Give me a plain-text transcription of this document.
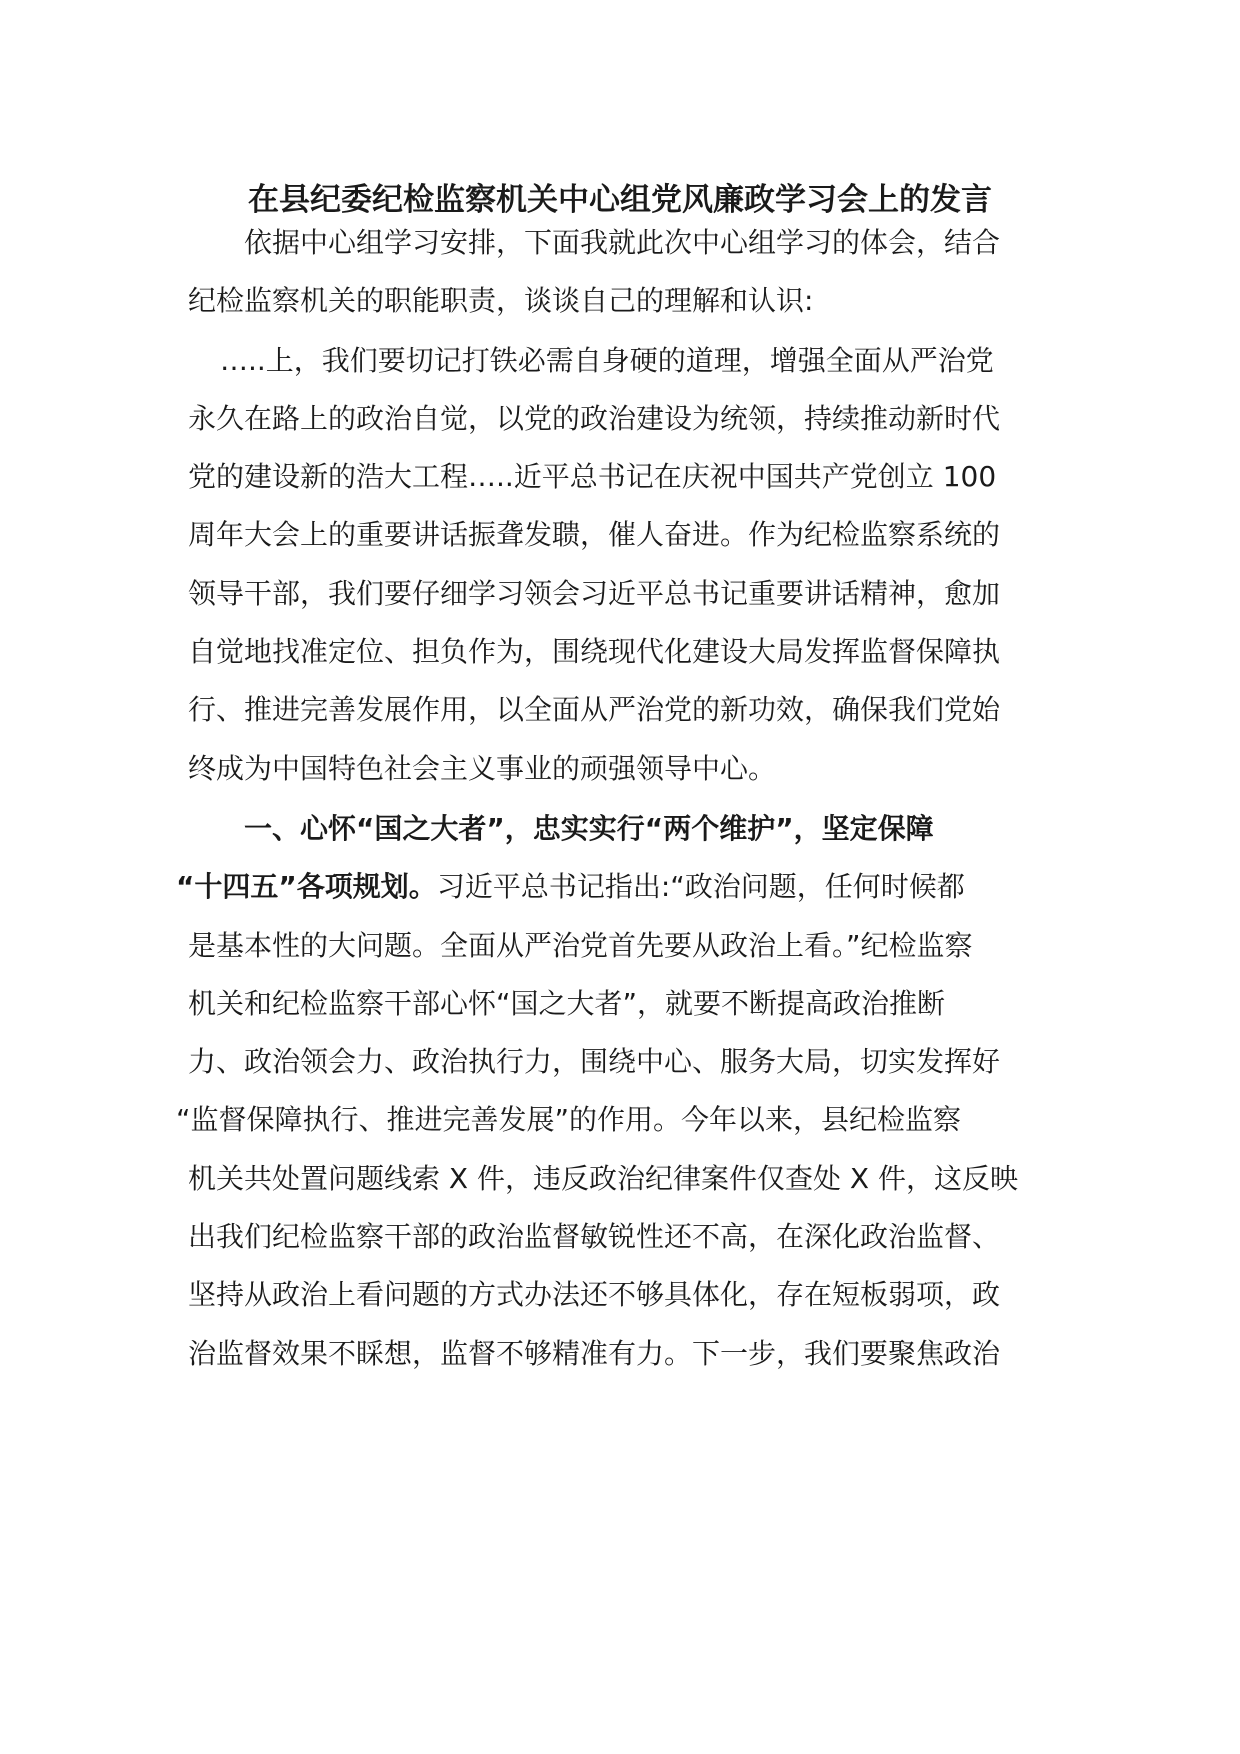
在县纪委纪检监察机关中心组党风廉政学习会上的发言
依据中心组学习安排，下面我就此次中心组学习的体会，结合
纪检监察机关的职能职责，谈谈自己的理解和认识:
…..上，我们要切记打铁必需自身硬的道理，增强全面从严治党
永久在路上的政治自觉，以党的政治建设为统领，持续推动新时代
党的建设新的浩大工程…..近平总书记在庆祝中国共产党创立 100
周年大会上的重要讲话振聋发聩，催人奋进。作为纪检监察系统的
领导干部，我们要仔细学习领会习近平总书记重要讲话精神，愈加
自觉地找准定位、担负作为，围绕现代化建设大局发挥监督保障执
行、推进完善发展作用，以全面从严治党的新功效，确保我们党始
终成为中国特色社会主义事业的顽强领导中心。
一、心怀“国之大者”，忠实实行“两个维护”，坚定保障
“十四五”各项规划。习近平总书记指出:“政治问题，任何时候都
是基本性的大问题。全面从严治党首先要从政治上看。”纪检监察
机关和纪检监察干部心怀“国之大者”，就要不断提高政治推断
力、政治领会力、政治执行力，围绕中心、服务大局，切实发挥好
“监督保障执行、推进完善发展”的作用。今年以来，县纪检监察
机关共处置问题线索 X 件，违反政治纪律案件仅查处 X 件，这反映
出我们纪检监察干部的政治监督敏锐性还不高，在深化政治监督、
坚持从政治上看问题的方式办法还不够具体化，存在短板弱项，政
治监督效果不睬想，监督不够精准有力。下一步，我们要聚焦政治
